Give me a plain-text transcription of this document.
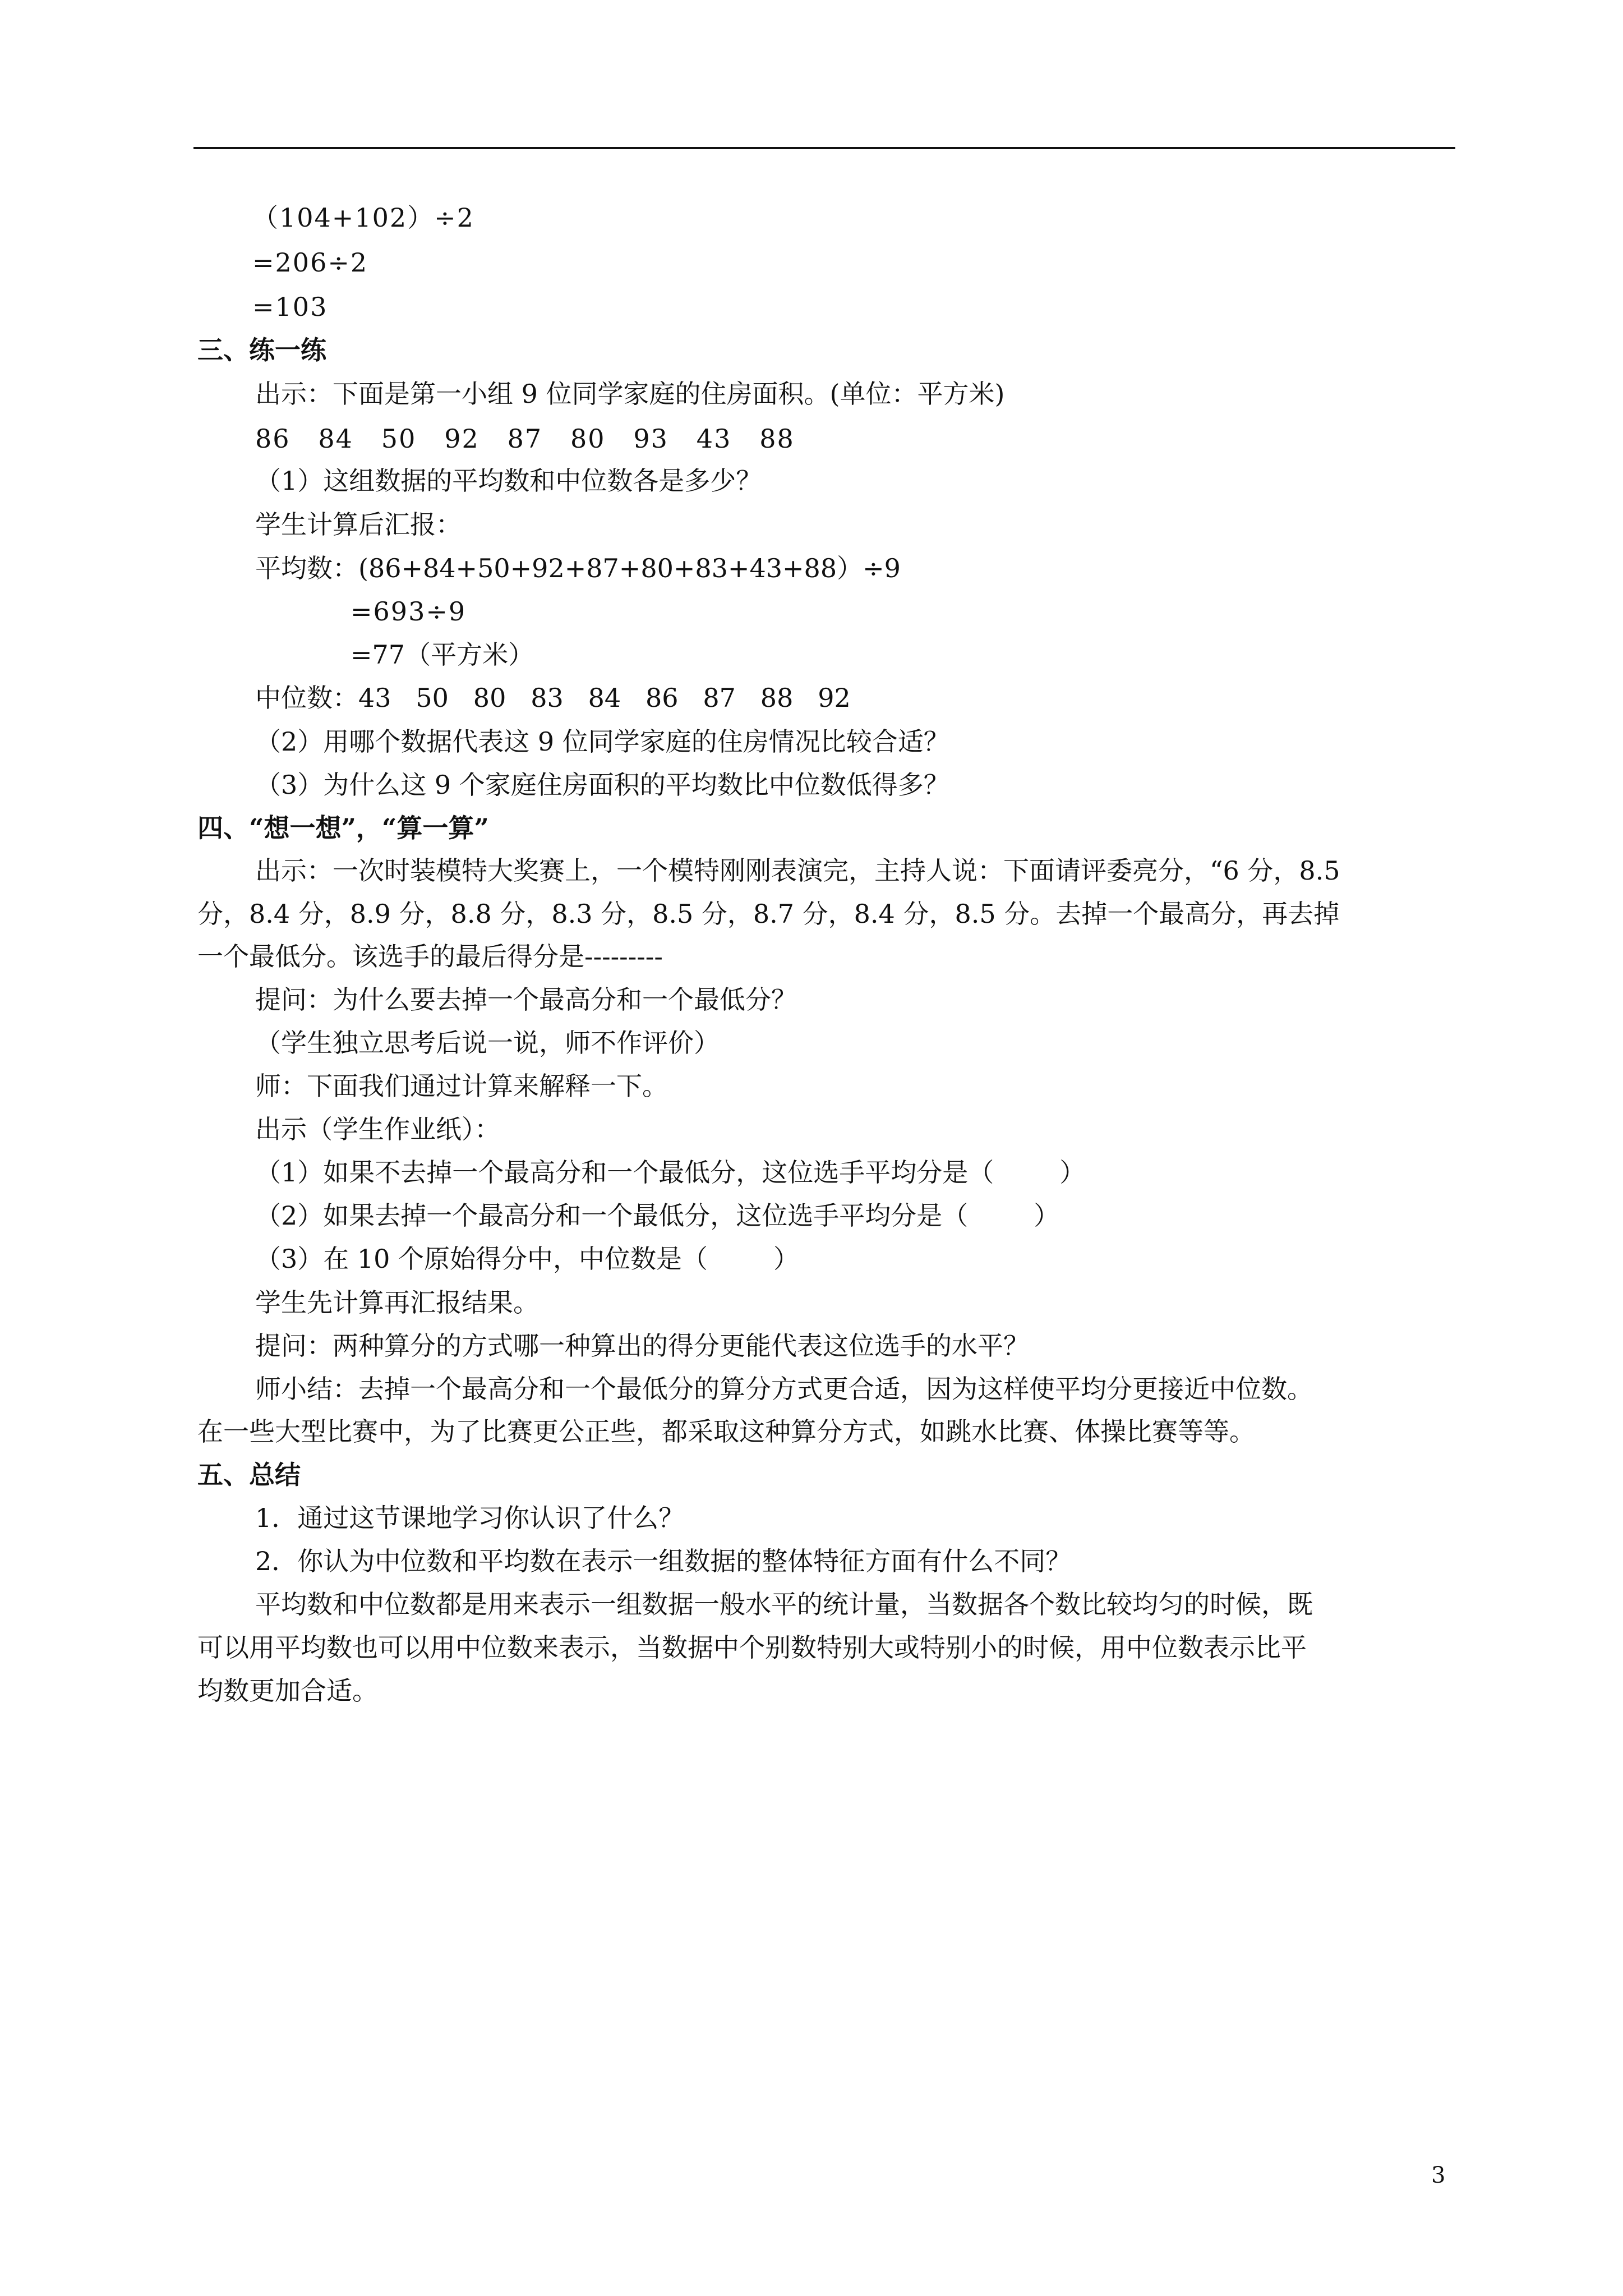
（104+102）÷2
=206÷2
=103
三、练一练
出示：下面是第一小组 9 位同学家庭的住房面积。(单位：平方米)
86   84   50   92   87   80   93   43   88
（1）这组数据的平均数和中位数各是多少？
学生计算后汇报：
平均数：(86+84+50+92+87+80+83+43+88）÷9
=693÷9
=77（平方米）
中位数：43   50   80   83   84   86   87   88   92
（2）用哪个数据代表这 9 位同学家庭的住房情况比较合适？
（3）为什么这 9 个家庭住房面积的平均数比中位数低得多？
四、“想一想”，“算一算”
出示：一次时装模特大奖赛上，一个模特刚刚表演完，主持人说：下面请评委亮分，“6 分，8.5
分，8.4 分，8.9 分，8.8 分，8.3 分，8.5 分，8.7 分，8.4 分，8.5 分。去掉一个最高分，再去掉
一个最低分。该选手的最后得分是---------
提问：为什么要去掉一个最高分和一个最低分？
（学生独立思考后说一说，师不作评价）
师：下面我们通过计算来解释一下。
出示（学生作业纸）：
（1）如果不去掉一个最高分和一个最低分，这位选手平均分是（        ）
（2）如果去掉一个最高分和一个最低分，这位选手平均分是（        ）
（3）在 10 个原始得分中，中位数是（        ）
学生先计算再汇报结果。
提问：两种算分的方式哪一种算出的得分更能代表这位选手的水平？
师小结：去掉一个最高分和一个最低分的算分方式更合适，因为这样使平均分更接近中位数。
在一些大型比赛中，为了比赛更公正些，都采取这种算分方式，如跳水比赛、体操比赛等等。
五、总结
1．通过这节课地学习你认识了什么？
2．你认为中位数和平均数在表示一组数据的整体特征方面有什么不同？
平均数和中位数都是用来表示一组数据一般水平的统计量，当数据各个数比较均匀的时候，既
可以用平均数也可以用中位数来表示，当数据中个别数特别大或特别小的时候，用中位数表示比平
均数更加合适。
3
